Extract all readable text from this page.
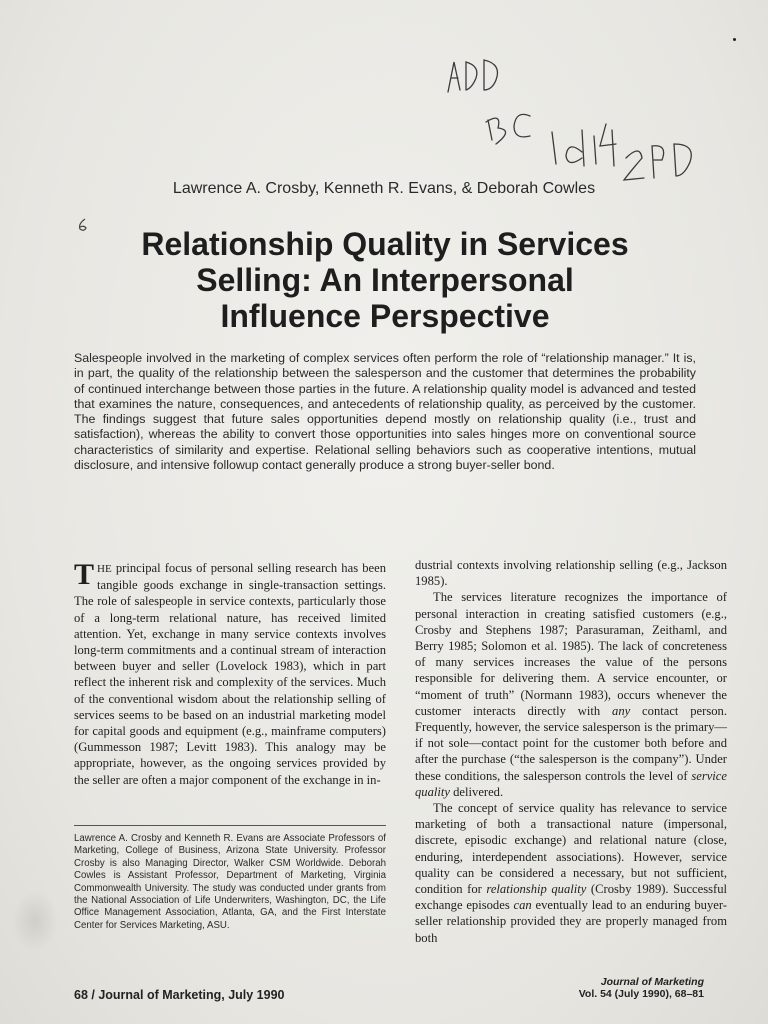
Lawrence A. Crosby, Kenneth R. Evans, & Deborah Cowles
Relationship Quality in Services
Selling: An Interpersonal
Influence Perspective

Salespeople involved in the marketing of complex services often perform the role of “relationship manager.” It is, in part, the quality of the relationship between the salesperson and the customer that determines the probability of continued interchange between those parties in the future. A relationship quality model is advanced and tested that examines the nature, consequences, and antecedents of relationship quality, as perceived by the customer. The findings suggest that future sales opportunities depend mostly on relationship quality (i.e., trust and satisfaction), whereas the ability to convert those opportunities into sales hinges more on conventional source characteristics of similarity and expertise. Relational selling behaviors such as cooperative intentions, mutual disclosure, and intensive followup contact generally produce a strong buyer-seller bond.

THE principal focus of personal selling research has been tangible goods exchange in single-transaction settings. The role of salespeople in service contexts, particularly those of a long-term relational nature, has received limited attention. Yet, exchange in many service contexts involves long-term commitments and a continual stream of interaction between buyer and seller (Lovelock 1983), which in part reflect the inherent risk and complexity of the services. Much of the conventional wisdom about the relationship selling of services seems to be based on an industrial marketing model for capital goods and equipment (e.g., mainframe computers) (Gummesson 1987; Levitt 1983). This analogy may be appropriate, however, as the ongoing services provided by the seller are often a major component of the exchange in in-

dustrial contexts involving relationship selling (e.g., Jackson 1985).

The services literature recognizes the importance of personal interaction in creating satisfied customers (e.g., Crosby and Stephens 1987; Parasuraman, Zeithaml, and Berry 1985; Solomon et al. 1985). The lack of concreteness of many services increases the value of the persons responsible for delivering them. A service encounter, or “moment of truth” (Normann 1983), occurs whenever the customer interacts directly with any contact person. Frequently, however, the service salesperson is the primary—if not sole—contact point for the customer both before and after the purchase (“the salesperson is the company”). Under these conditions, the salesperson controls the level of service quality delivered.

The concept of service quality has relevance to service marketing of both a transactional nature (impersonal, discrete, episodic exchange) and relational nature (close, enduring, interdependent associations). However, service quality can be considered a necessary, but not sufficient, condition for relationship quality (Crosby 1989). Successful exchange episodes can eventually lead to an enduring buyer-seller relationship provided they are properly managed from both

Lawrence A. Crosby and Kenneth R. Evans are Associate Professors of Marketing, College of Business, Arizona State University. Professor Crosby is also Managing Director, Walker CSM Worldwide. Deborah Cowles is Assistant Professor, Department of Marketing, Virginia Commonwealth University. The study was conducted under grants from the National Association of Life Underwriters, Washington, DC, the Life Office Management Association, Atlanta, GA, and the First Interstate Center for Services Marketing, ASU.

68 / Journal of Marketing, July 1990
Journal of Marketing
Vol. 54 (July 1990), 68–81
